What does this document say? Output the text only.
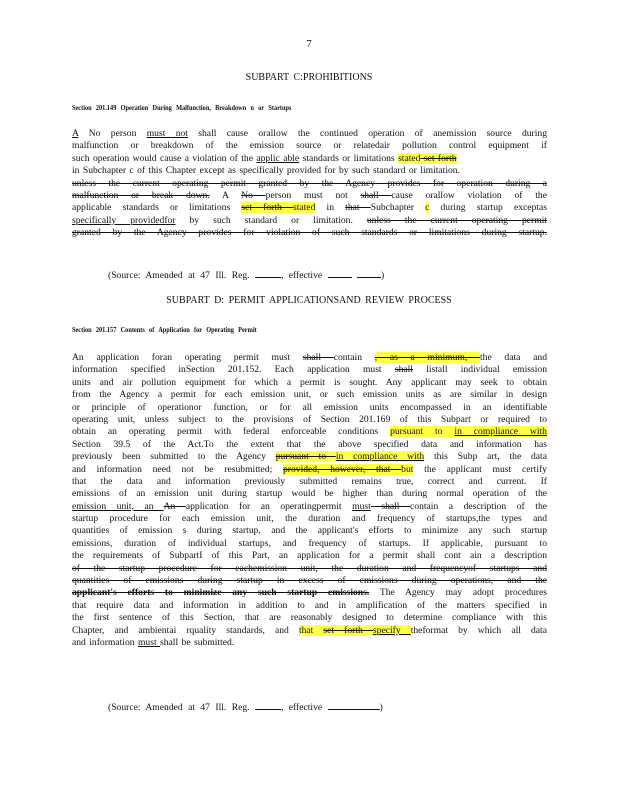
7
SUBPART C:PROHIBITIONS
Section 201.149 Operation During Malfunction, Breakdown n or Startups
A No person must not shall cause orallow the continued operation of anemission source during
malfunction or breakdown of the emission source or relatedair pollution control equipment if
such operation would cause a violation of the applic able standards or limitations stated set forth
in Subchapter c of this Chapter except as specifically provided for by such standard or limitation.
unless the current operating permit granted by the Agency provides for operation during a
malfunction or break down. A No person must not shall cause orallow violation of the
applicable standards or limitations set forth stated in that Subchapter c during startup exceptas
specifically providedfor by such standard or limitation. unless the current operating permit
granted by the Agency provides for violation of such standards or limitations during startup.
(Source: Amended at 47 Ill. Reg.	, effective	)
SUBPART D: PERMIT APPLICATIONSAND REVIEW PROCESS
Section 201.157 Contents of Application for Operating Permit
An application foran operating permit must shall contain , as a minimum, the data and
information specified inSection 201.152. Each application must shall listall individual emission
units and air pollution equipment for which a permit is sought. Any applicant may seek to obtain
from the Agency a permit for each emission unit, or such emission units as are similar in design
or principle of operationor function, or for all emission units encompassed in an identifiable
operating unit, unless subject to the provisions of Section 201.169 of this Subpart or required to
obtain an operating permit with federal enforceable conditions pursuant to in compliance with
Section 39.5 of the Act.To the extent that the above specified data and information has
previously been submitted to the Agency pursuant to in compliance with this Subp art, the data
and information need not be resubmitted; provided, however, that but the applicant must certify
that the data and information previously submitted remains true, correct and current. If
emissions of an emission unit during startup would be higher than during normal operation of the
emission unit, an An application for an operatingpermit must shall contain a description of the
startup procedure for each emission unit, the duration and frequency of startups,the types and
quantities of emission s during startup, and the applicant's efforts to minimize any such startup
emissions, duration of individual startups, and frequency of startups. If applicable, pursuant to
the requirements of SubpartI of this Part, an application for a permit shall cont ain a description
of the startup procedure for eachemission unit, the duration and frequencyof startups and
quantities of emissions during startup in excess of emissions during operations, and the
applicant's efforts to minimize any such startup emissions. The Agency may adopt procedures
that require data and information in addition to and in amplification of the matters specified in
the first sentence of this Section, that are reasonably designed to determine compliance with this
Chapter, and ambientai rquality standards, and that set forth specify theformat by which all data
and information must shall be submitted.
(Source: Amended at 47 Ill. Reg.	, effective	)
